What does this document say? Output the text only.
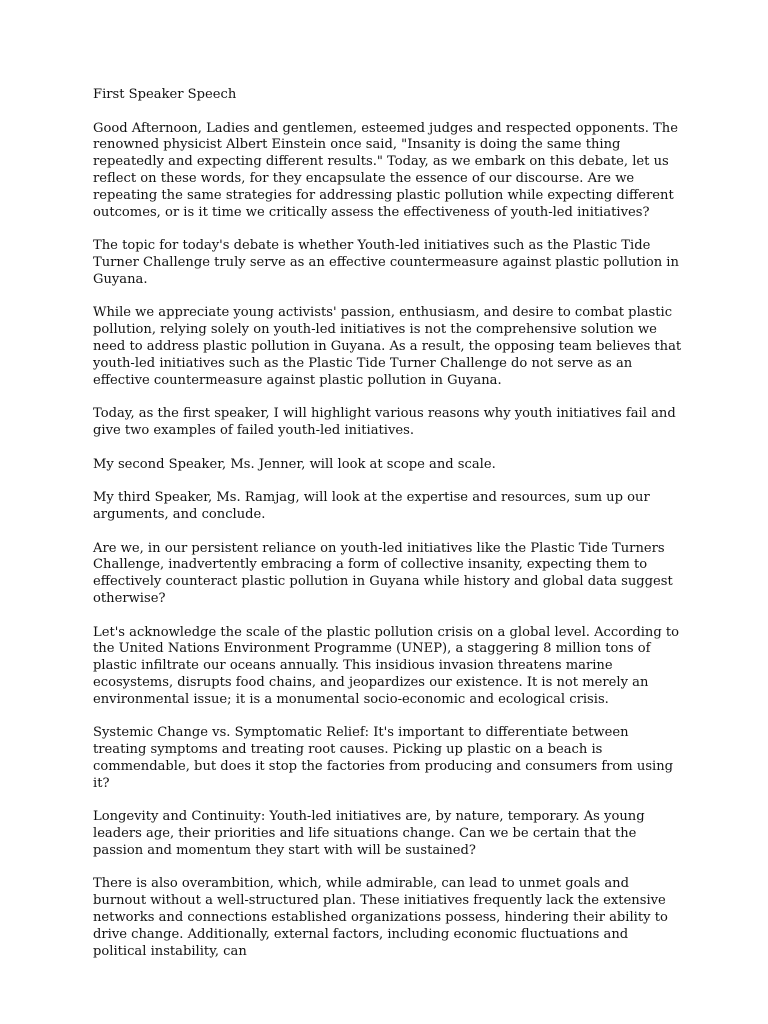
First Speaker Speech

Good Afternoon, Ladies and gentlemen, esteemed judges and respected opponents. The renowned physicist Albert Einstein once said, "Insanity is doing the same thing repeatedly and expecting different results." Today, as we embark on this debate, let us reflect on these words, for they encapsulate the essence of our discourse. Are we repeating the same strategies for addressing plastic pollution while expecting different outcomes, or is it time we critically assess the effectiveness of youth-led initiatives?

The topic for today's debate is whether Youth-led initiatives such as the Plastic Tide Turner Challenge truly serve as an effective countermeasure against plastic pollution in Guyana.

While we appreciate young activists' passion, enthusiasm, and desire to combat plastic pollution, relying solely on youth-led initiatives is not the comprehensive solution we need to address plastic pollution in Guyana. As a result, the opposing team believes that youth-led initiatives such as the Plastic Tide Turner Challenge do not serve as an effective countermeasure against plastic pollution in Guyana.

Today, as the first speaker, I will highlight various reasons why youth initiatives fail and give two examples of failed youth-led initiatives.

My second Speaker, Ms. Jenner, will look at scope and scale.

My third Speaker, Ms. Ramjag, will look at the expertise and resources, sum up our arguments, and conclude.

Are we, in our persistent reliance on youth-led initiatives like the Plastic Tide Turners Challenge, inadvertently embracing a form of collective insanity, expecting them to effectively counteract plastic pollution in Guyana while history and global data suggest otherwise?

Let's acknowledge the scale of the plastic pollution crisis on a global level. According to the United Nations Environment Programme (UNEP), a staggering 8 million tons of plastic infiltrate our oceans annually. This insidious invasion threatens marine ecosystems, disrupts food chains, and jeopardizes our existence. It is not merely an environmental issue; it is a monumental socio-economic and ecological crisis.

Systemic Change vs. Symptomatic Relief: It's important to differentiate between treating symptoms and treating root causes. Picking up plastic on a beach is commendable, but does it stop the factories from producing and consumers from using it?

Longevity and Continuity: Youth-led initiatives are, by nature, temporary. As young leaders age, their priorities and life situations change. Can we be certain that the passion and momentum they start with will be sustained?

There is also overambition, which, while admirable, can lead to unmet goals and burnout without a well-structured plan. These initiatives frequently lack the extensive networks and connections established organizations possess, hindering their ability to drive change. Additionally, external factors, including economic fluctuations and political instability, can
